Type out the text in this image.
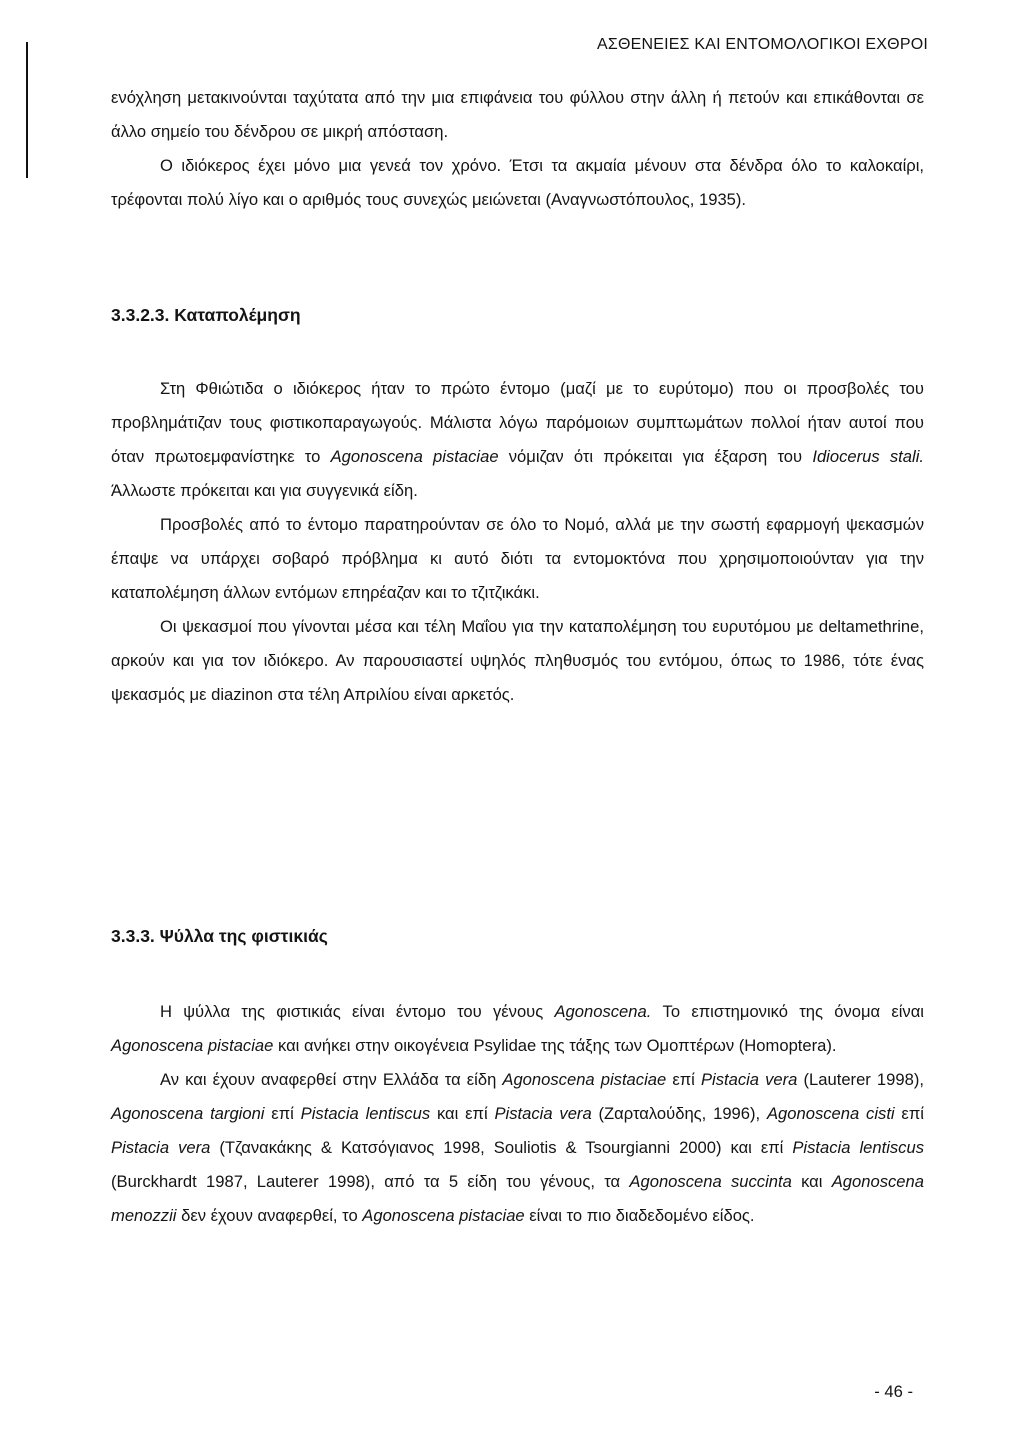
ΑΣΘΕΝΕΙΕΣ ΚΑΙ ΕΝΤΟΜΟΛΟΓΙΚΟΙ ΕΧΘΡΟΙ

ενόχληση μετακινούνται ταχύτατα από την μια επιφάνεια του φύλλου στην άλλη ή πετούν και επικάθονται σε άλλο σημείο του δένδρου σε μικρή απόσταση.

Ο ιδιόκερος έχει μόνο μια γενεά τον χρόνο. Έτσι τα ακμαία μένουν στα δένδρα όλο το καλοκαίρι, τρέφονται πολύ λίγο και ο αριθμός τους συνεχώς μειώνεται (Αναγνωστόπουλος, 1935).

3.3.2.3. Καταπολέμηση

Στη Φθιώτιδα ο ιδιόκερος ήταν το πρώτο έντομο (μαζί με το ευρύτομο) που οι προσβολές του προβλημάτιζαν τους φιστικοπαραγωγούς. Μάλιστα λόγω παρόμοιων συμπτωμάτων πολλοί ήταν αυτοί που όταν πρωτοεμφανίστηκε το Agonoscena pistaciae νόμιζαν ότι πρόκειται για έξαρση του Idiocerus stali. Άλλωστε πρόκειται και για συγγενικά είδη.

Προσβολές από το έντομο παρατηρούνταν σε όλο το Νομό, αλλά με την σωστή εφαρμογή ψεκασμών έπαψε να υπάρχει σοβαρό πρόβλημα κι αυτό διότι τα εντομοκτόνα που χρησιμοποιούνταν για την καταπολέμηση άλλων εντόμων επηρέαζαν και το τζιτζικάκι.

Οι ψεκασμοί που γίνονται μέσα και τέλη Μαΐου για την καταπολέμηση του ευρυτόμου με deltamethrine, αρκούν και για τον ιδιόκερο. Αν παρουσιαστεί υψηλός πληθυσμός του εντόμου, όπως το 1986, τότε ένας ψεκασμός με diazinon στα τέλη Απριλίου είναι αρκετός.

3.3.3. Ψύλλα της φιστικιάς

Η ψύλλα της φιστικιάς είναι έντομο του γένους Agonoscena. Το επιστημονικό της όνομα είναι Agonoscena pistaciae και ανήκει στην οικογένεια Psylidae της τάξης των Ομοπτέρων (Homoptera).

Αν και έχουν αναφερθεί στην Ελλάδα τα είδη Agonoscena pistaciae επί Pistacia vera (Lauterer 1998), Agonoscena targioni επί Pistacia lentiscus και επί Pistacia vera (Ζαρταλούδης, 1996), Agonoscena cisti επί Pistacia vera (Τζανακάκης & Κατσόγιανος 1998, Souliotis & Tsourgianni 2000) και επί Pistacia lentiscus (Burckhardt 1987, Lauterer 1998), από τα 5 είδη του γένους, τα Agonoscena succinta και Agonoscena menozzii δεν έχουν αναφερθεί, το Agonoscena pistaciae είναι το πιο διαδεδομένο είδος.

- 46 -
